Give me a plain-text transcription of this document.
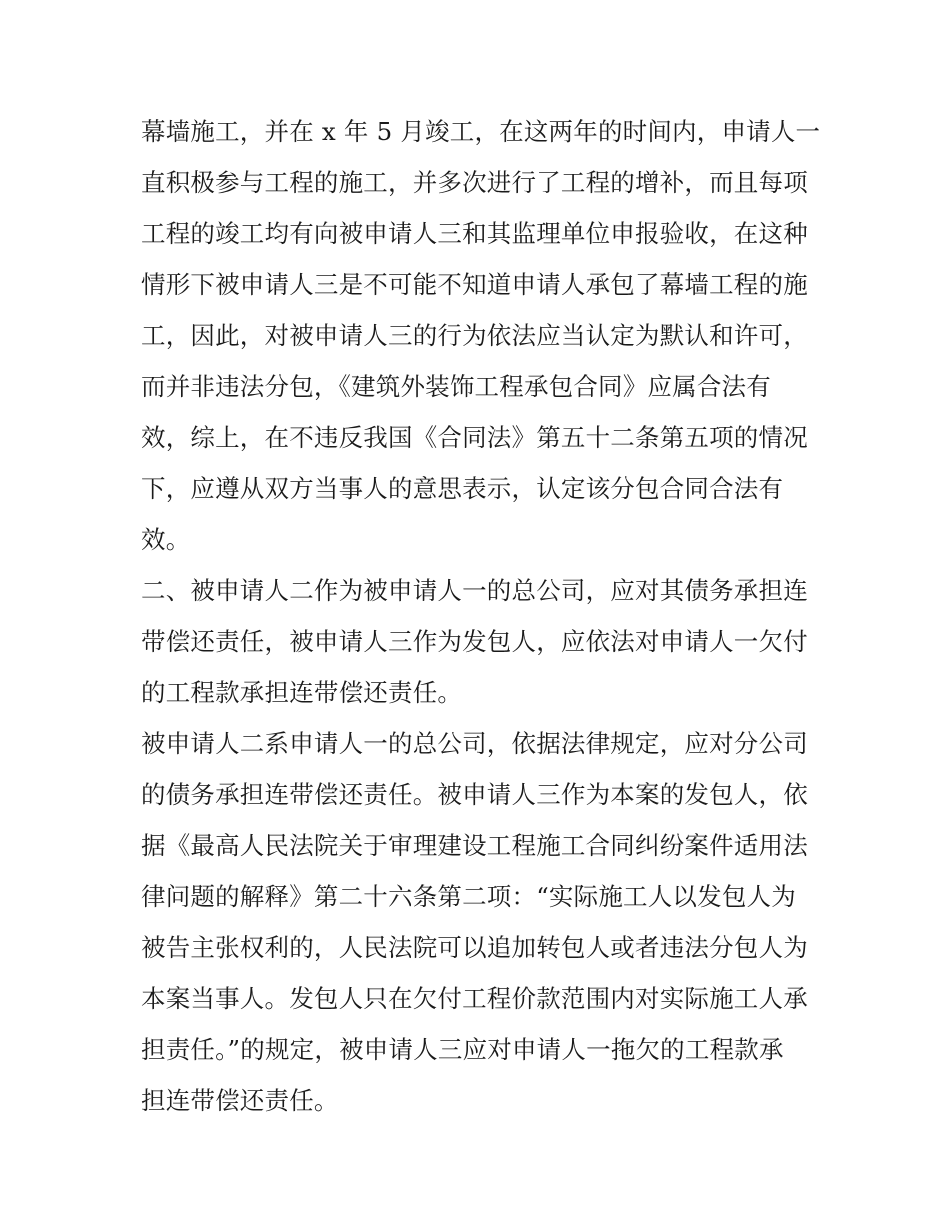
幕墙施工，并在 x 年 5 月竣工，在这两年的时间内，申请人一
直积极参与工程的施工，并多次进行了工程的增补，而且每项
工程的竣工均有向被申请人三和其监理单位申报验收，在这种
情形下被申请人三是不可能不知道申请人承包了幕墙工程的施
工，因此，对被申请人三的行为依法应当认定为默认和许可，
而并非违法分包，《建筑外装饰工程承包合同》应属合法有
效，综上，在不违反我国《合同法》第五十二条第五项的情况
下，应遵从双方当事人的意思表示，认定该分包合同合法有
效。
二、被申请人二作为被申请人一的总公司，应对其债务承担连
带偿还责任，被申请人三作为发包人，应依法对申请人一欠付
的工程款承担连带偿还责任。
被申请人二系申请人一的总公司，依据法律规定，应对分公司
的债务承担连带偿还责任。被申请人三作为本案的发包人，依
据《最高人民法院关于审理建设工程施工合同纠纷案件适用法
律问题的解释》第二十六条第二项：“实际施工人以发包人为
被告主张权利的，人民法院可以追加转包人或者违法分包人为
本案当事人。发包人只在欠付工程价款范围内对实际施工人承
担责任。”的规定，被申请人三应对申请人一拖欠的工程款承
担连带偿还责任。
